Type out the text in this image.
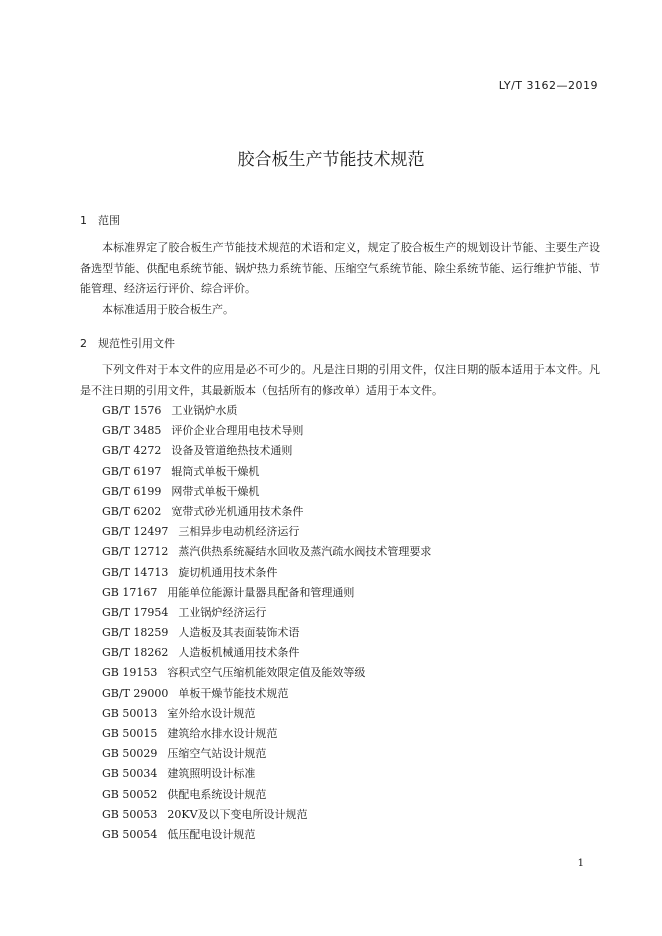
LY/T 3162—2019
胶合板生产节能技术规范
1 范围
本标准界定了胶合板生产节能技术规范的术语和定义，规定了胶合板生产的规划设计节能、主要生产设备选型节能、供配电系统节能、锅炉热力系统节能、压缩空气系统节能、除尘系统节能、运行维护节能、节能管理、经济运行评价、综合评价。
本标准适用于胶合板生产。
2 规范性引用文件
下列文件对于本文件的应用是必不可少的。凡是注日期的引用文件，仅注日期的版本适用于本文件。凡是不注日期的引用文件，其最新版本（包括所有的修改单）适用于本文件。
GB/T 1576 工业锅炉水质
GB/T 3485 评价企业合理用电技术导则
GB/T 4272 设备及管道绝热技术通则
GB/T 6197 辊筒式单板干燥机
GB/T 6199 网带式单板干燥机
GB/T 6202 宽带式砂光机通用技术条件
GB/T 12497 三相异步电动机经济运行
GB/T 12712 蒸汽供热系统凝结水回收及蒸汽疏水阀技术管理要求
GB/T 14713 旋切机通用技术条件
GB 17167 用能单位能源计量器具配备和管理通则
GB/T 17954 工业锅炉经济运行
GB/T 18259 人造板及其表面装饰术语
GB/T 18262 人造板机械通用技术条件
GB 19153 容积式空气压缩机能效限定值及能效等级
GB/T 29000 单板干燥节能技术规范
GB 50013 室外给水设计规范
GB 50015 建筑给水排水设计规范
GB 50029 压缩空气站设计规范
GB 50034 建筑照明设计标准
GB 50052 供配电系统设计规范
GB 50053 20KV及以下变电所设计规范
GB 50054 低压配电设计规范
1
